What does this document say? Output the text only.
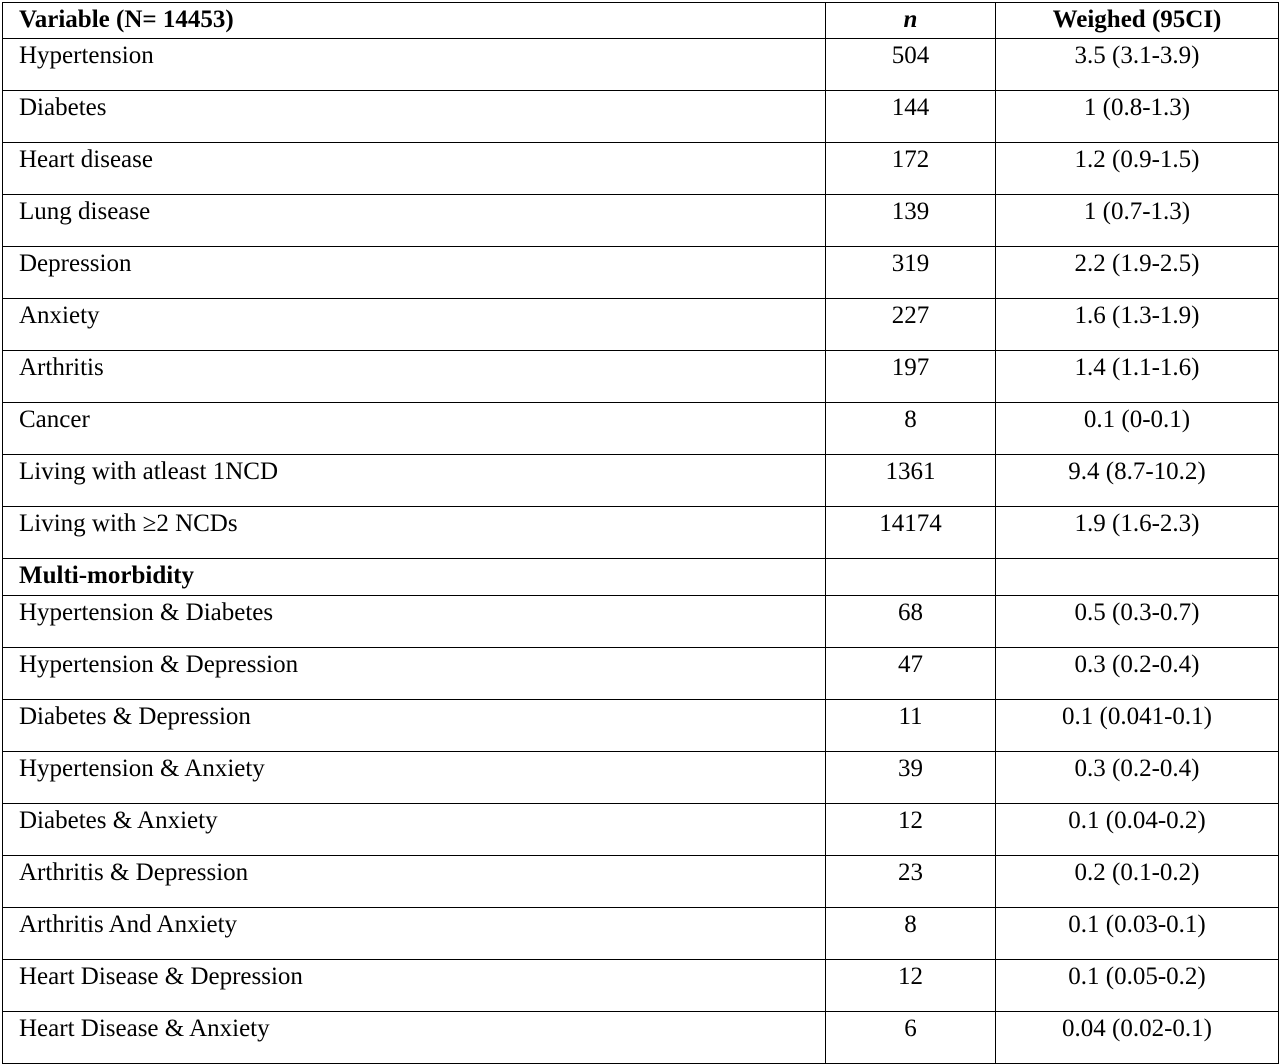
Variable (N= 14453)	n	Weighed (95CI)
Hypertension	504	3.5 (3.1-3.9)
Diabetes	144	1 (0.8-1.3)
Heart disease	172	1.2 (0.9-1.5)
Lung disease	139	1 (0.7-1.3)
Depression	319	2.2 (1.9-2.5)
Anxiety	227	1.6 (1.3-1.9)
Arthritis	197	1.4 (1.1-1.6)
Cancer	8	0.1 (0-0.1)
Living with atleast 1NCD	1361	9.4 (8.7-10.2)
Living with ≥2 NCDs	14174	1.9 (1.6-2.3)
Multi-morbidity		
Hypertension & Diabetes	68	0.5 (0.3-0.7)
Hypertension & Depression	47	0.3 (0.2-0.4)
Diabetes & Depression	11	0.1 (0.041-0.1)
Hypertension & Anxiety	39	0.3 (0.2-0.4)
Diabetes & Anxiety	12	0.1 (0.04-0.2)
Arthritis & Depression	23	0.2 (0.1-0.2)
Arthritis And Anxiety	8	0.1 (0.03-0.1)
Heart Disease & Depression	12	0.1 (0.05-0.2)
Heart Disease & Anxiety	6	0.04 (0.02-0.1)
